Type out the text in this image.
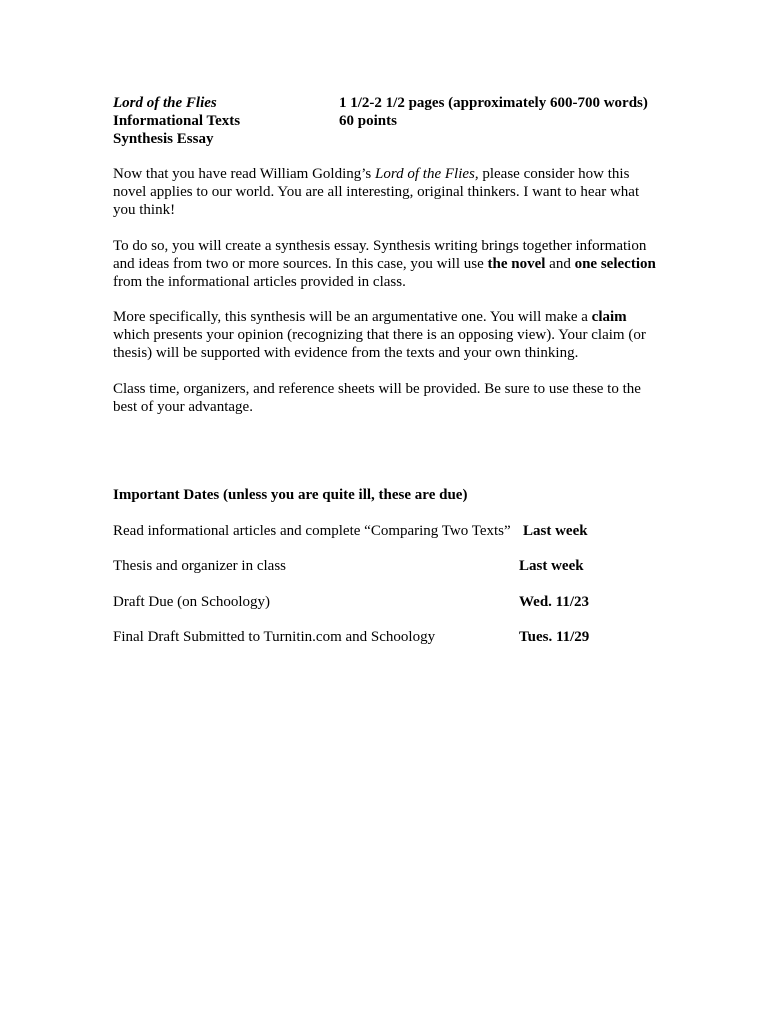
Lord of the Flies
Informational Texts
Synthesis Essay
1 1/2-2 1/2 pages (approximately 600-700 words)
60 points

Now that you have read William Golding’s Lord of the Flies, please consider how this novel applies to our world. You are all interesting, original thinkers. I want to hear what you think!

To do so, you will create a synthesis essay. Synthesis writing brings together information and ideas from two or more sources. In this case, you will use the novel and one selection from the informational articles provided in class.

More specifically, this synthesis will be an argumentative one. You will make a claim which presents your opinion (recognizing that there is an opposing view). Your claim (or thesis) will be supported with evidence from the texts and your own thinking.

Class time, organizers, and reference sheets will be provided. Be sure to use these to the best of your advantage.

Important Dates (unless you are quite ill, these are due)
Read informational articles and complete “Comparing Two Texts” Last week
Thesis and organizer in class	Last week
Draft Due (on Schoology)	Wed. 11/23
Final Draft Submitted to Turnitin.com and Schoology	Tues. 11/29
